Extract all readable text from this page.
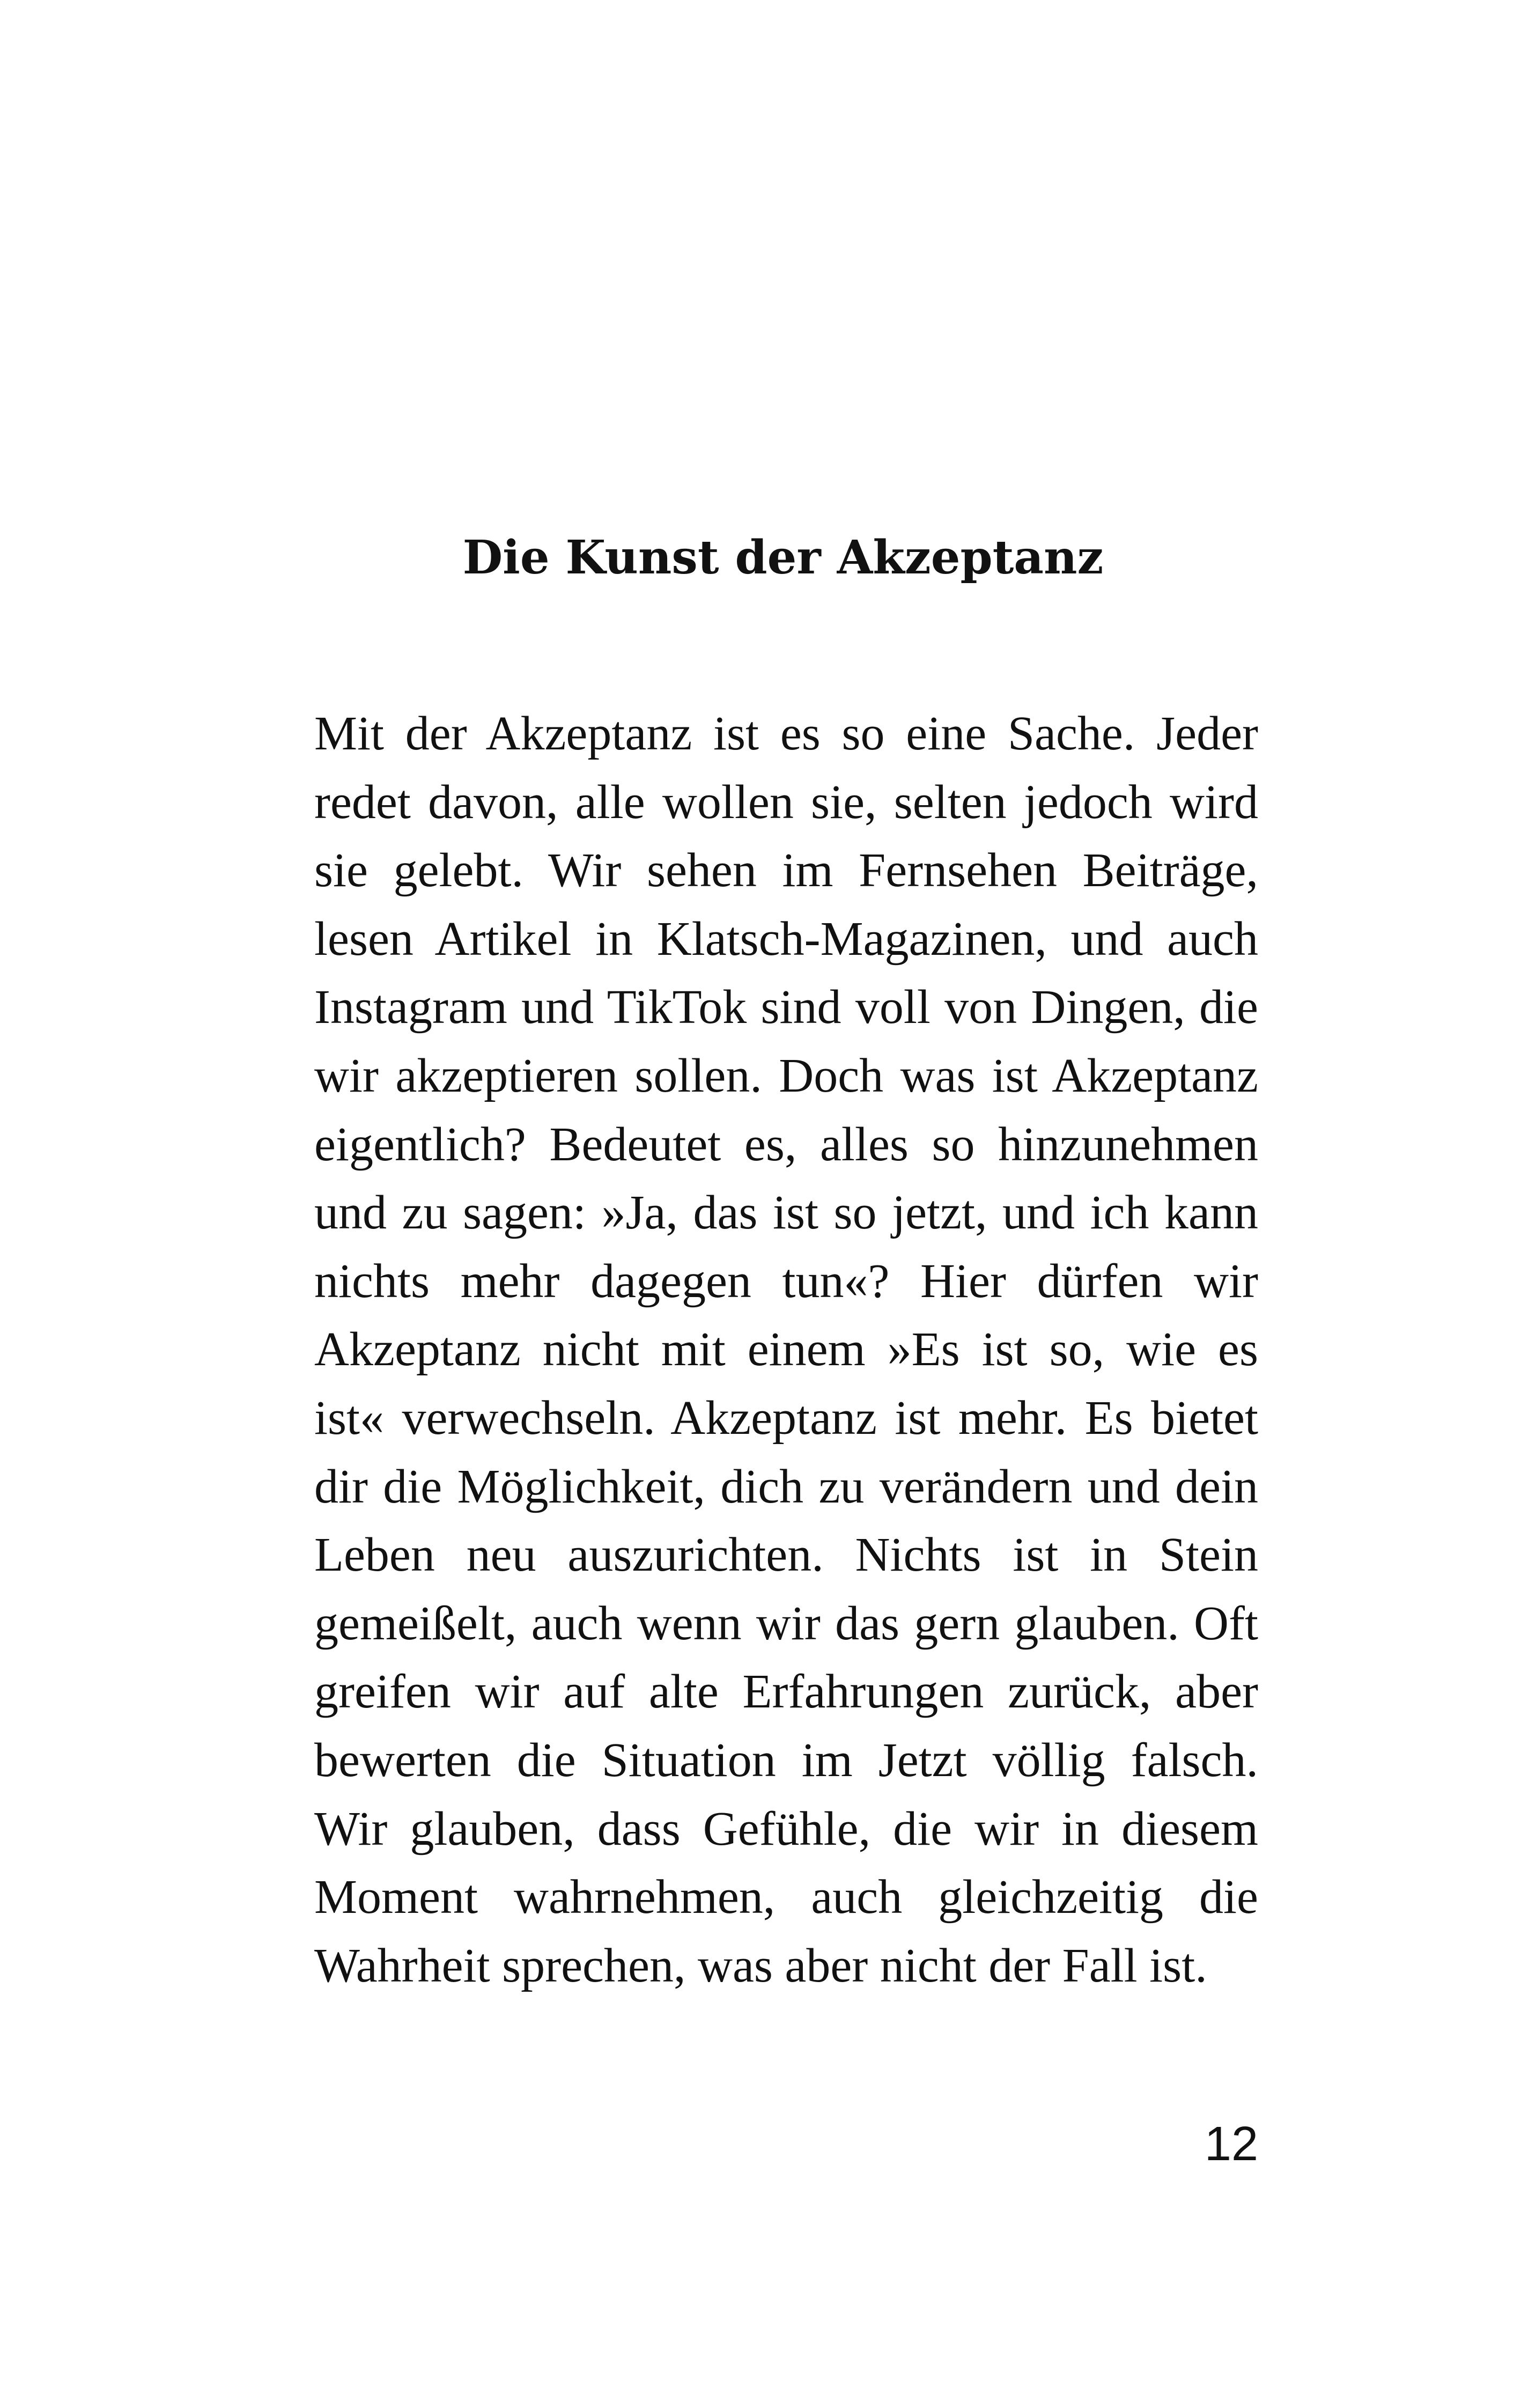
Die Kunst der Akzeptanz
Mit der Akzeptanz ist es so eine Sache. Jeder
redet davon, alle wollen sie, selten jedoch wird
sie gelebt. Wir sehen im Fernsehen Beiträge,
lesen Artikel in Klatsch-Magazinen, und auch
Instagram und TikTok sind voll von Dingen, die
wir akzeptieren sollen. Doch was ist Akzeptanz
eigentlich? Bedeutet es, alles so hinzunehmen
und zu sagen: »Ja, das ist so jetzt, und ich kann
nichts mehr dagegen tun«? Hier dürfen wir
Akzeptanz nicht mit einem »Es ist so, wie es
ist« verwechseln. Akzeptanz ist mehr. Es bietet
dir die Möglichkeit, dich zu verändern und dein
Leben neu auszurichten. Nichts ist in Stein
gemeißelt, auch wenn wir das gern glauben. Oft
greifen wir auf alte Erfahrungen zurück, aber
bewerten die Situation im Jetzt völlig falsch.
Wir glauben, dass Gefühle, die wir in diesem
Moment wahrnehmen, auch gleichzeitig die
Wahrheit sprechen, was aber nicht der Fall ist.
12
